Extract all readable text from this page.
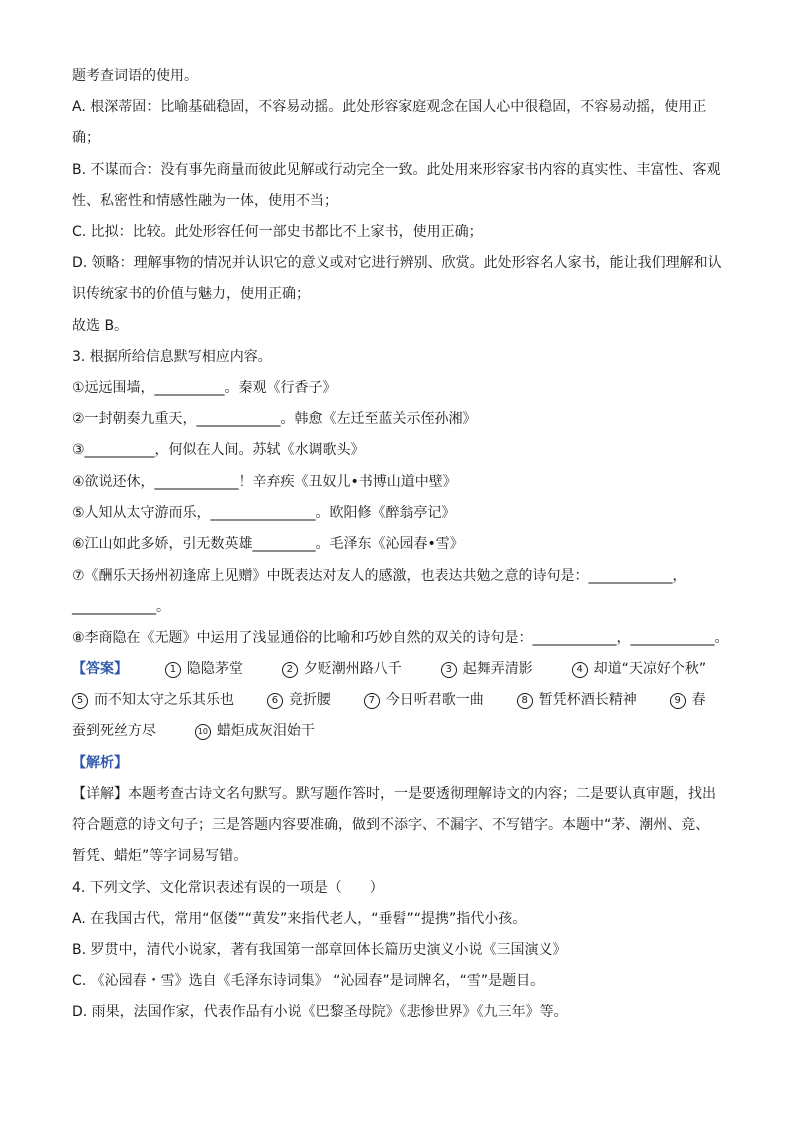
题考查词语的使用。
A. 根深蒂固：比喻基础稳固，不容易动摇。此处形容家庭观念在国人心中很稳固，不容易动摇，使用正
确；
B. 不谋而合：没有事先商量而彼此见解或行动完全一致。此处用来形容家书内容的真实性、丰富性、客观
性、私密性和情感性融为一体，使用不当；
C. 比拟：比较。此处形容任何一部史书都比不上家书，使用正确；
D. 领略：理解事物的情况并认识它的意义或对它进行辨别、欣赏。此处形容名人家书，能让我们理解和认
识传统家书的价值与魅力，使用正确；
故选 B。
3. 根据所给信息默写相应内容。
①远远围墙，__________。秦观《行香子》
②一封朝奏九重天，____________。韩愈《左迁至蓝关示侄孙湘》
③__________，何似在人间。苏轼《水调歌头》
④欲说还休，____________！辛弃疾《丑奴儿•书博山道中壁》
⑤人知从太守游而乐，_______________。欧阳修《醉翁亭记》
⑥江山如此多娇，引无数英雄_________。毛泽东《沁园春•雪》
⑦《酬乐天扬州初逢席上见赠》中既表达对友人的感激，也表达共勉之意的诗句是：____________，
____________。
⑧李商隐在《无题》中运用了浅显通俗的比喻和巧妙自然的双关的诗句是：____________，____________。
【答案】	1 隐隐茅堂	2 夕贬潮州路八千	3 起舞弄清影	4 却道“天凉好个秋”
5 而不知太守之乐其乐也	6 竞折腰	7 今日听君歌一曲	8 暂凭杯酒长精神	9 春
蚕到死丝方尽	10 蜡炬成灰泪始干
【解析】
【详解】本题考查古诗文名句默写。默写题作答时，一是要透彻理解诗文的内容；二是要认真审题，找出
符合题意的诗文句子；三是答题内容要准确，做到不添字、不漏字、不写错字。本题中“茅、潮州、竞、
暂凭、蜡炬”等字词易写错。
4. 下列文学、文化常识表述有误的一项是（　　）
A. 在我国古代，常用“伛偻”“黄发”来指代老人，“垂髫”“提携”指代小孩。
B. 罗贯中，清代小说家，著有我国第一部章回体长篇历史演义小说《三国演义》
C. 《沁园春・雪》选自《毛泽东诗词集》 “沁园春”是词牌名，“雪”是题目。
D. 雨果，法国作家，代表作品有小说《巴黎圣母院》《悲惨世界》《九三年》等。
